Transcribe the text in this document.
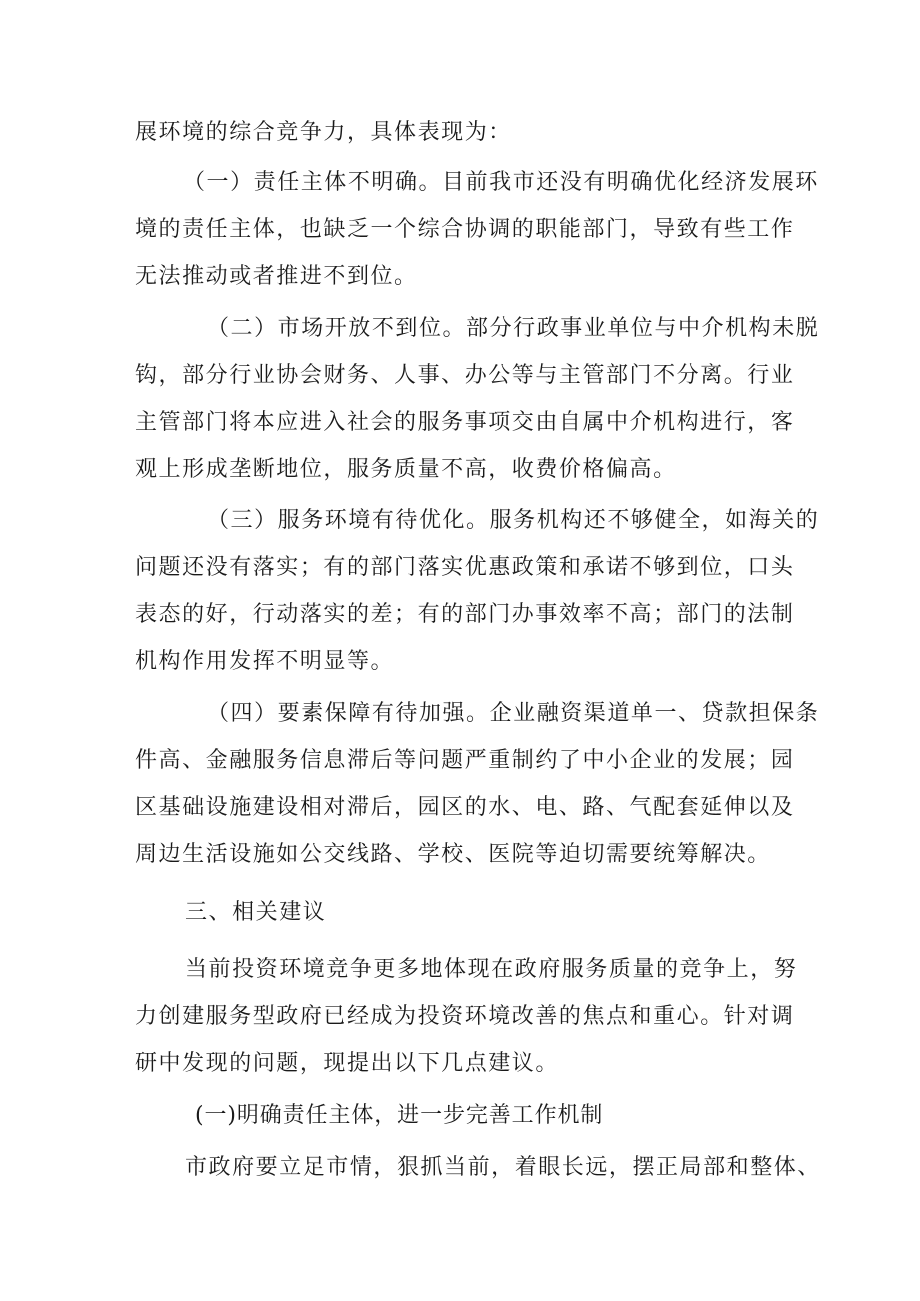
展环境的综合竞争力，具体表现为：
（一）责任主体不明确。目前我市还没有明确优化经济发展环
境的责任主体，也缺乏一个综合协调的职能部门，导致有些工作
无法推动或者推进不到位。
（二）市场开放不到位。部分行政事业单位与中介机构未脱
钩，部分行业协会财务、人事、办公等与主管部门不分离。行业
主管部门将本应进入社会的服务事项交由自属中介机构进行，客
观上形成垄断地位，服务质量不高，收费价格偏高。
（三）服务环境有待优化。服务机构还不够健全，如海关的
问题还没有落实；有的部门落实优惠政策和承诺不够到位，口头
表态的好，行动落实的差；有的部门办事效率不高；部门的法制
机构作用发挥不明显等。
（四）要素保障有待加强。企业融资渠道单一、贷款担保条
件高、金融服务信息滞后等问题严重制约了中小企业的发展；园
区基础设施建设相对滞后，园区的水、电、路、气配套延伸以及
周边生活设施如公交线路、学校、医院等迫切需要统筹解决。
三、相关建议
当前投资环境竞争更多地体现在政府服务质量的竞争上，努
力创建服务型政府已经成为投资环境改善的焦点和重心。针对调
研中发现的问题，现提出以下几点建议。
(一)明确责任主体，进一步完善工作机制
市政府要立足市情，狠抓当前，着眼长远，摆正局部和整体、
